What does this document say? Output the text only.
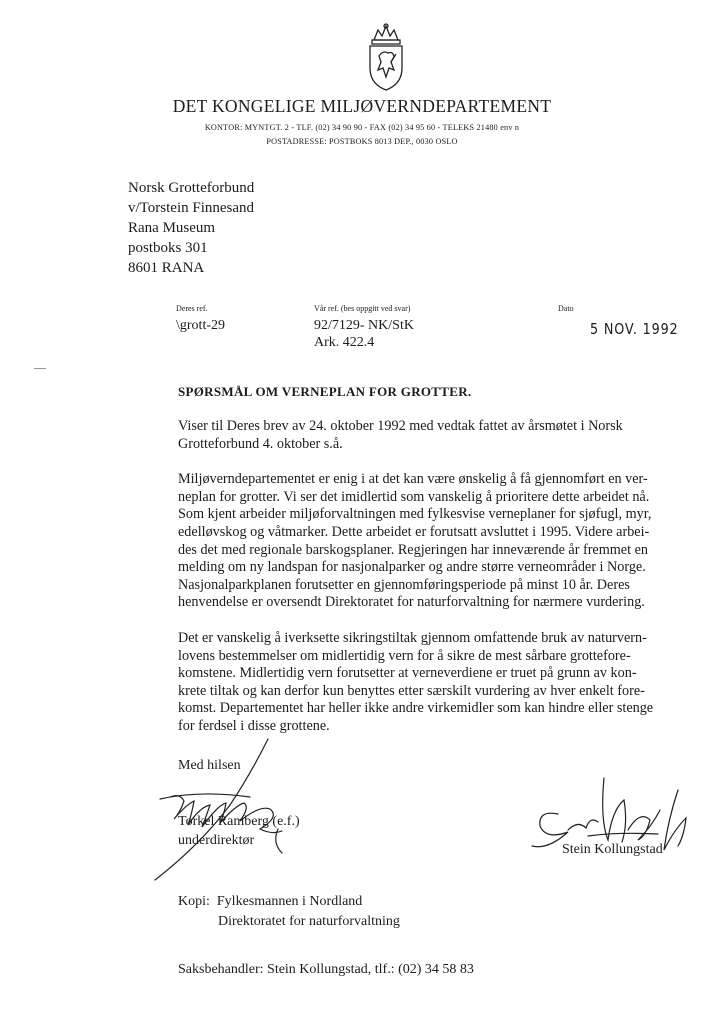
DET KONGELIGE MILJØVERNDEPARTEMENT
KONTOR: MYNTGT. 2 - TLF. (02) 34 90 90 - FAX (02) 34 95 60 - TELEKS 21480 env n
POSTADRESSE: POSTBOKS 8013 DEP., 0030 OSLO
Norsk Grotteforbund
v/Torstein Finnesand
Rana Museum
postboks 301
8601 RANA
Deres ref.
\grott-29
Vår ref. (bes oppgitt ved svar)
92/7129- NK/StK
Ark. 422.4
Dato
5 NOV. 1992
SPØRSMÅL OM VERNEPLAN FOR GROTTER.

Viser til Deres brev av 24. oktober 1992 med vedtak fattet av årsmøtet i Norsk
Grotteforbund 4. oktober s.å.

Miljøverndepartementet er enig i at det kan være ønskelig å få gjennomført en ver-
neplan for grotter. Vi ser det imidlertid som vanskelig å prioritere dette arbeidet nå.
Som kjent arbeider miljøforvaltningen med fylkesvise verneplaner for sjøfugl, myr,
edelløvskog og våtmarker. Dette arbeidet er forutsatt avsluttet i 1995. Videre arbei-
des det med regionale barskogsplaner. Regjeringen har inneværende år fremmet en
melding om ny landspan for nasjonalparker og andre større verneområder i Norge.
Nasjonalparkplanen forutsetter en gjennomføringsperiode på minst 10 år. Deres
henvendelse er oversendt Direktoratet for naturforvaltning for nærmere vurdering.

Det er vanskelig å iverksette sikringstiltak gjennom omfattende bruk av naturvern-
lovens bestemmelser om midlertidig vern for å sikre de mest sårbare grottefore-
komstene. Midlertidig vern forutsetter at verneverdiene er truet på grunn av kon-
krete tiltak og kan derfor kun benyttes etter særskilt vurdering av hver enkelt fore-
komst. Departementet har heller ikke andre virkemidler som kan hindre eller stenge
for ferdsel i disse grottene.

Med hilsen
Torkel Ramberg (e.f.)
underdirektør
Stein Kollungstad
Kopi: Fylkesmannen i Nordland
Direktoratet for naturforvaltning
Saksbehandler: Stein Kollungstad, tlf.: (02) 34 58 83
